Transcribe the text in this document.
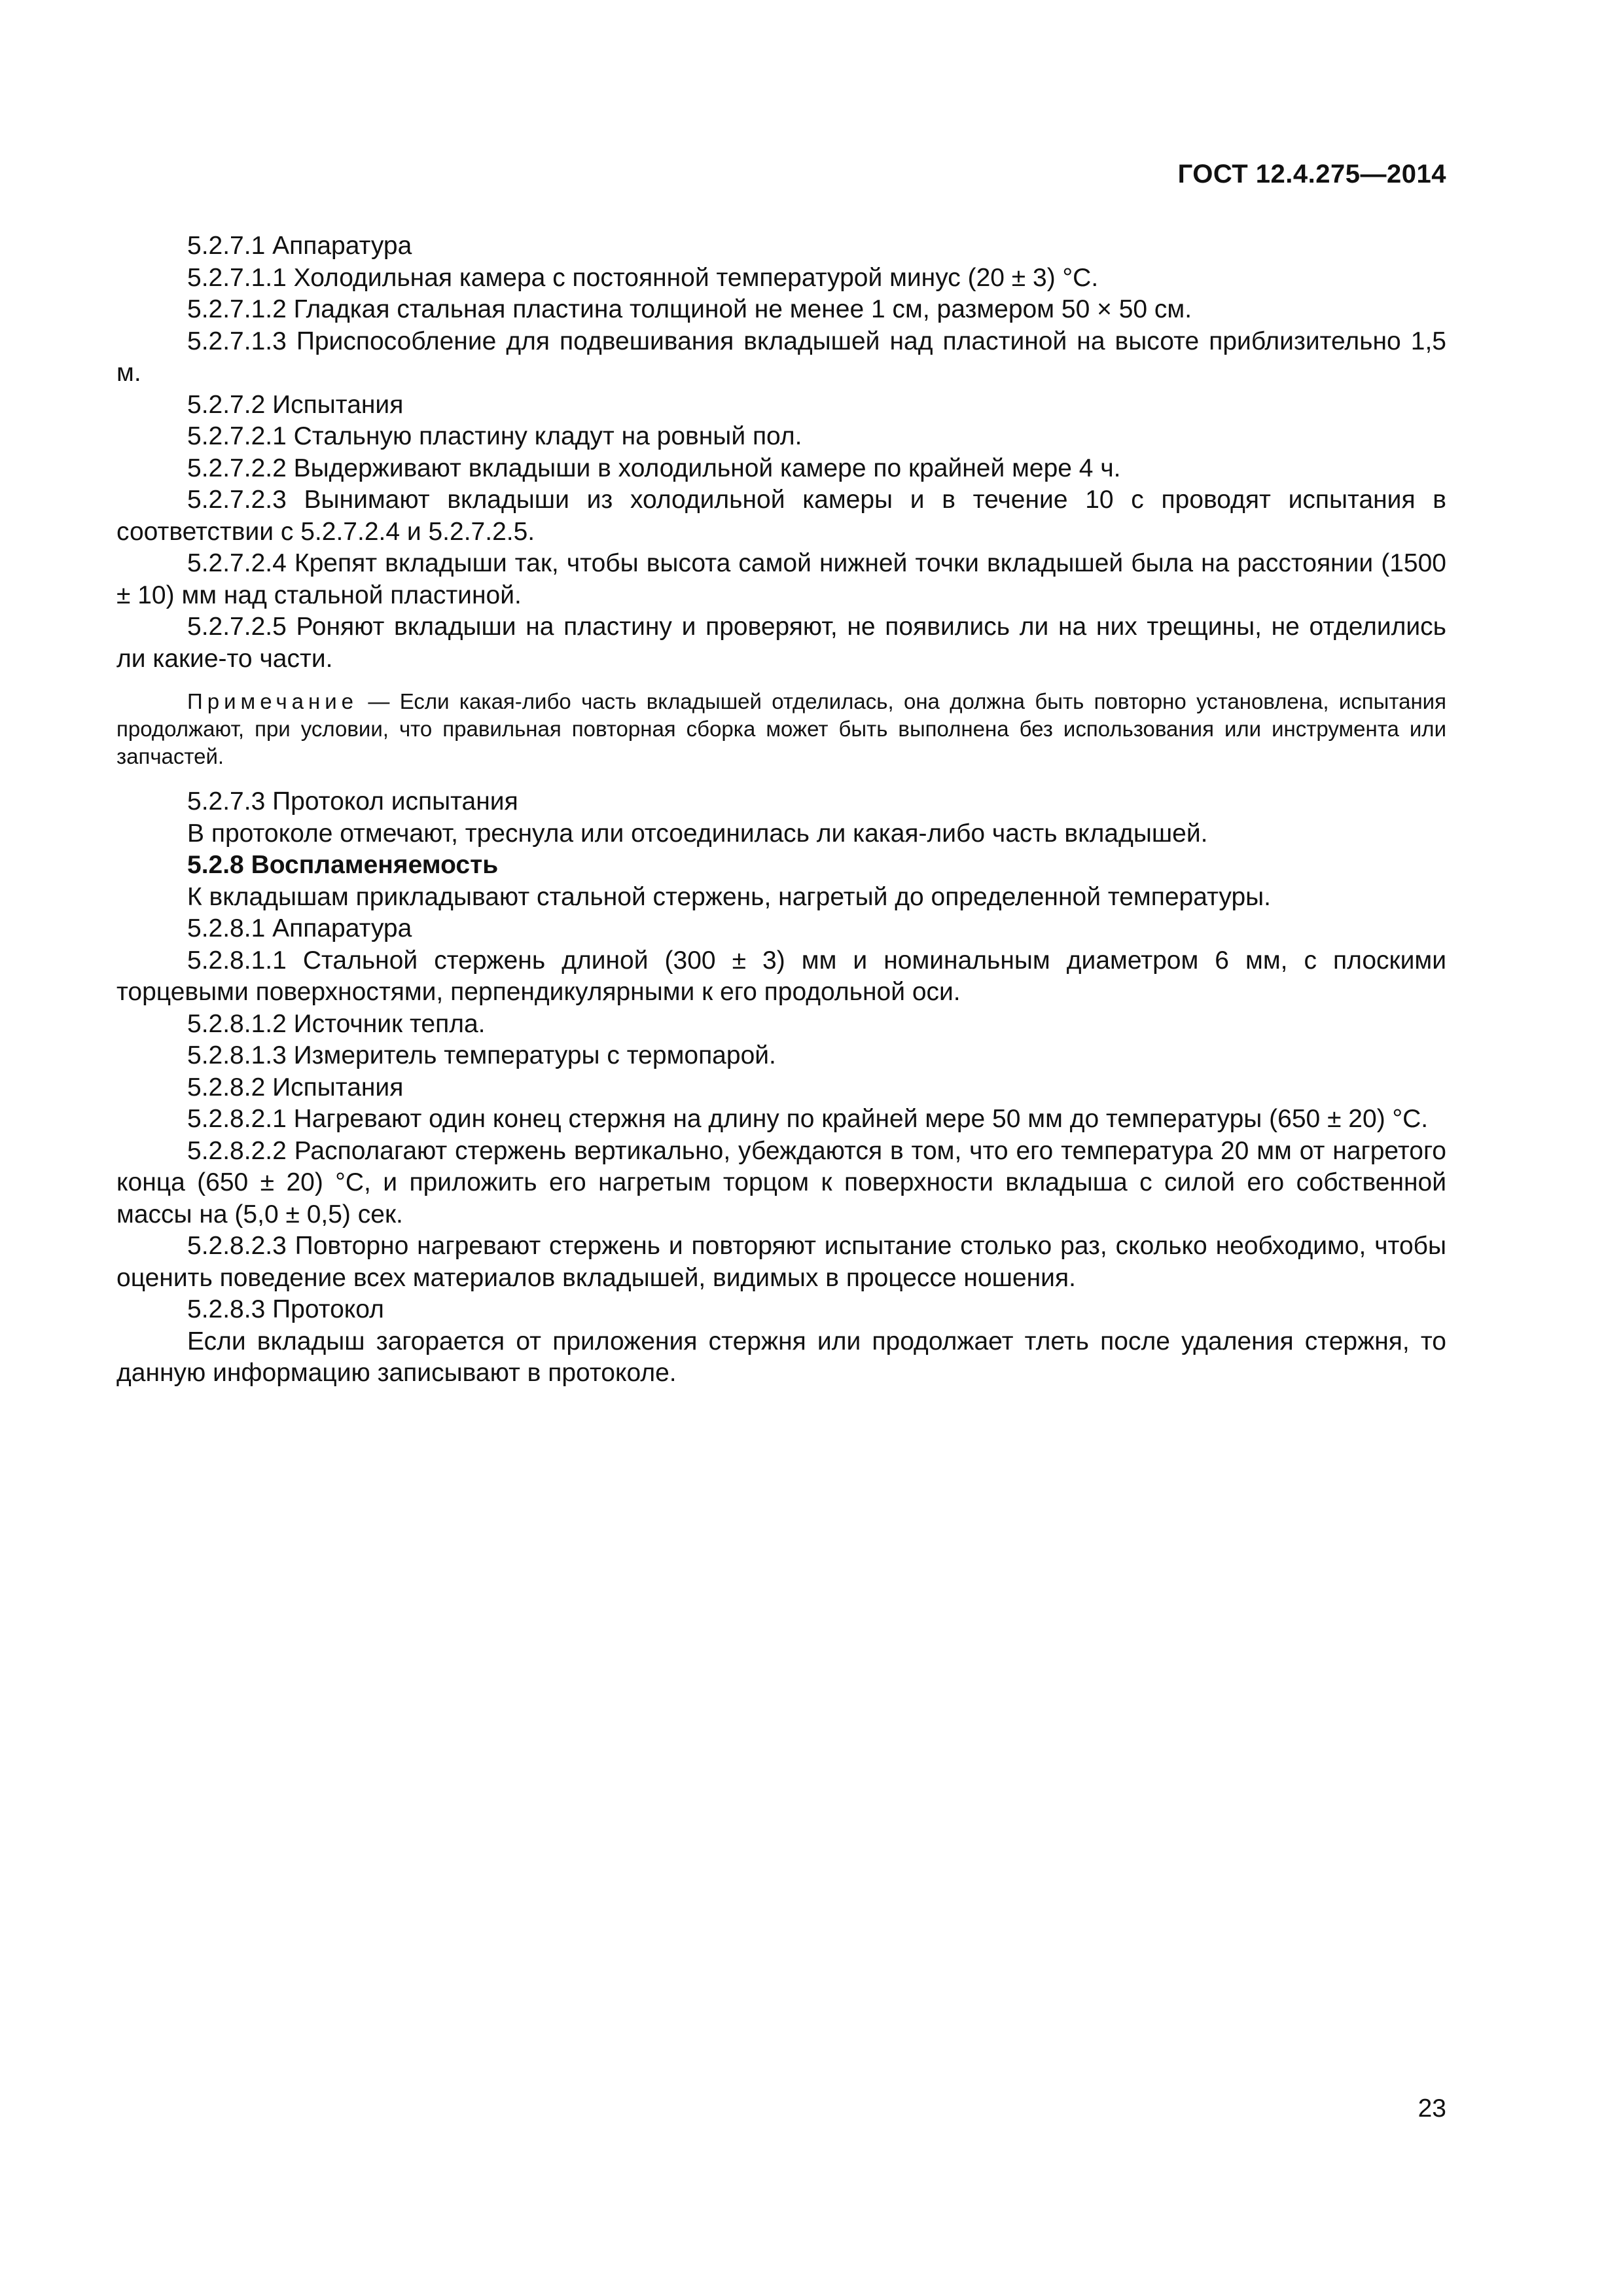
ГОСТ 12.4.275—2014

5.2.7.1 Аппаратура

5.2.7.1.1 Холодильная камера с постоянной температурой минус (20 ± 3) °С.

5.2.7.1.2 Гладкая стальная пластина толщиной не менее 1 см, размером 50 × 50 см.

5.2.7.1.3 Приспособление для подвешивания вкладышей над пластиной на высоте приблизительно 1,5 м.

5.2.7.2 Испытания

5.2.7.2.1 Стальную пластину кладут на ровный пол.

5.2.7.2.2 Выдерживают вкладыши в холодильной камере по крайней мере 4 ч.

5.2.7.2.3 Вынимают вкладыши из холодильной камеры и в течение 10 с проводят испытания в соответствии с 5.2.7.2.4 и 5.2.7.2.5.

5.2.7.2.4 Крепят вкладыши так, чтобы высота самой нижней точки вкладышей была на расстоянии (1500 ± 10) мм над стальной пластиной.

5.2.7.2.5 Роняют вкладыши на пластину и проверяют, не появились ли на них трещины, не отделились ли какие-то части.

Примечание — Если какая-либо часть вкладышей отделилась, она должна быть повторно установлена, испытания продолжают, при условии, что правильная повторная сборка может быть выполнена без использования или инструмента или запчастей.

5.2.7.3 Протокол испытания

В протоколе отмечают, треснула или отсоединилась ли какая-либо часть вкладышей.

5.2.8 Воспламеняемость

К вкладышам прикладывают стальной стержень, нагретый до определенной температуры.

5.2.8.1 Аппаратура

5.2.8.1.1 Стальной стержень длиной (300 ± 3) мм и номинальным диаметром 6 мм, с плоскими торцевыми поверхностями, перпендикулярными к его продольной оси.

5.2.8.1.2 Источник тепла.

5.2.8.1.3 Измеритель температуры с термопарой.

5.2.8.2 Испытания

5.2.8.2.1 Нагревают один конец стержня на длину по крайней мере 50 мм до температуры (650 ± 20) °С.

5.2.8.2.2 Располагают стержень вертикально, убеждаются в том, что его температура 20 мм от нагретого конца (650 ± 20) °С, и приложить его нагретым торцом к поверхности вкладыша с силой его собственной массы на (5,0 ± 0,5) сек.

5.2.8.2.3 Повторно нагревают стержень и повторяют испытание столько раз, сколько необходимо, чтобы оценить поведение всех материалов вкладышей, видимых в процессе ношения.

5.2.8.3 Протокол

Если вкладыш загорается от приложения стержня или продолжает тлеть после удаления стержня, то данную информацию записывают в протоколе.

23
